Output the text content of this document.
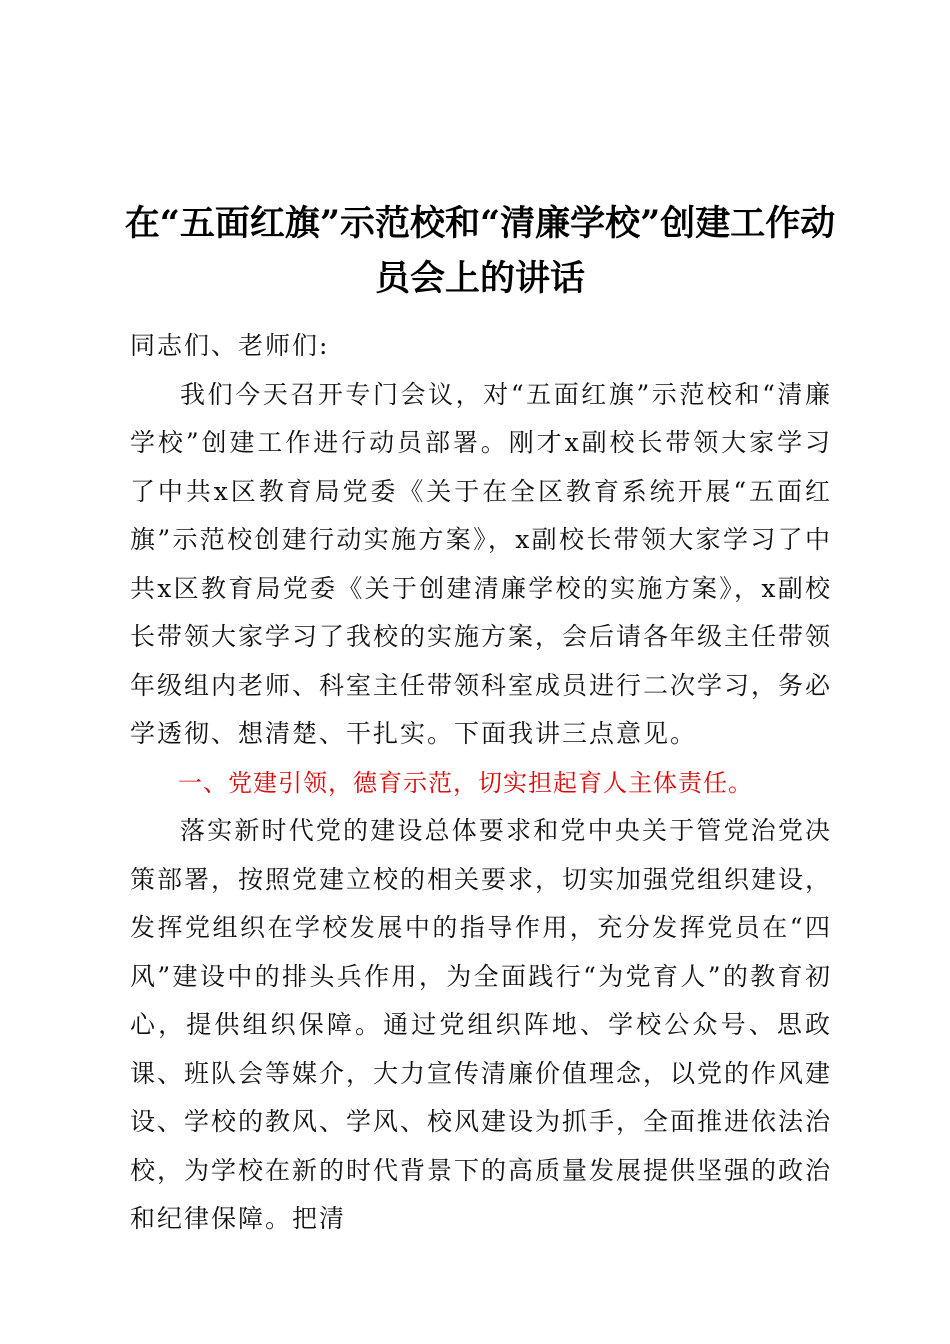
在“五面红旗”示范校和“清廉学校”创建工作动员会上的讲话

同志们、老师们:

我们今天召开专门会议，对“五面红旗”示范校和“清廉学校”创建工作进行动员部署。刚才x副校长带领大家学习了中共x区教育局党委《关于在全区教育系统开展“五面红旗”示范校创建行动实施方案》，x副校长带领大家学习了中共x区教育局党委《关于创建清廉学校的实施方案》，x副校长带领大家学习了我校的实施方案，会后请各年级主任带领年级组内老师、科室主任带领科室成员进行二次学习，务必学透彻、想清楚、干扎实。下面我讲三点意见。

一、党建引领，德育示范，切实担起育人主体责任。

落实新时代党的建设总体要求和党中央关于管党治党决策部署，按照党建立校的相关要求，切实加强党组织建设，发挥党组织在学校发展中的指导作用，充分发挥党员在“四风”建设中的排头兵作用，为全面践行“为党育人”的教育初心，提供组织保障。通过党组织阵地、学校公众号、思政课、班队会等媒介，大力宣传清廉价值理念，以党的作风建设、学校的教风、学风、校风建设为抓手，全面推进依法治校，为学校在新的时代背景下的高质量发展提供坚强的政治和纪律保障。把清
